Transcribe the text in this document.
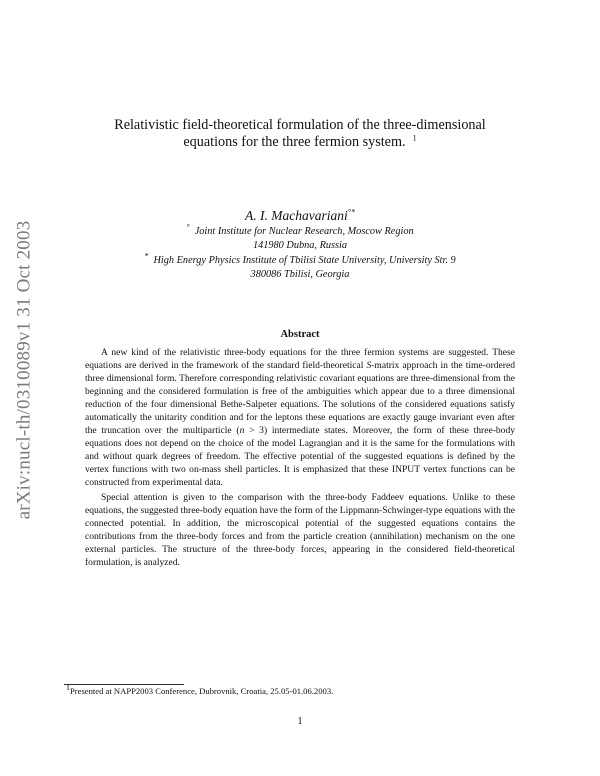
arXiv:nucl-th/0310089v1 31 Oct 2003
Relativistic field-theoretical formulation of the three-dimensional
equations for the three fermion system. $^1$
A. I. Machavariani°*
° Joint Institute for Nuclear Research, Moscow Region
141980 Dubna, Russia
* High Energy Physics Institute of Tbilisi State University, University Str. 9
380086 Tbilisi, Georgia
Abstract

A new kind of the relativistic three-body equations for the three fermion systems are suggested. These equations are derived in the framework of the standard field-theoretical S-matrix approach in the time-ordered three dimensional form. Therefore corresponding relativistic covariant equations are three-dimensional from the beginning and the considered formulation is free of the ambiguities which appear due to a three dimensional reduction of the four dimensional Bethe-Salpeter equations. The solutions of the considered equations satisfy automatically the unitarity condition and for the leptons these equations are exactly gauge invariant even after the truncation over the multiparticle (n > 3) intermediate states. Moreover, the form of these three-body equations does not depend on the choice of the model Lagrangian and it is the same for the formulations with and without quark degrees of freedom. The effective potential of the suggested equations is defined by the vertex functions with two on-mass shell particles. It is emphasized that these INPUT vertex functions can be constructed from experimental data.

Special attention is given to the comparison with the three-body Faddeev equations. Unlike to these equations, the suggested three-body equation have the form of the Lippmann-Schwinger-type equations with the connected potential. In addition, the microscopical potential of the suggested equations contains the contributions from the three-body forces and from the particle creation (annihilation) mechanism on the one external particles. The structure of the three-body forces, appearing in the considered field-theoretical formulation, is analyzed.

$^1$Presented at NAPP2003 Conference, Dubrovnik, Croatia, 25.05-01.06.2003.
1
